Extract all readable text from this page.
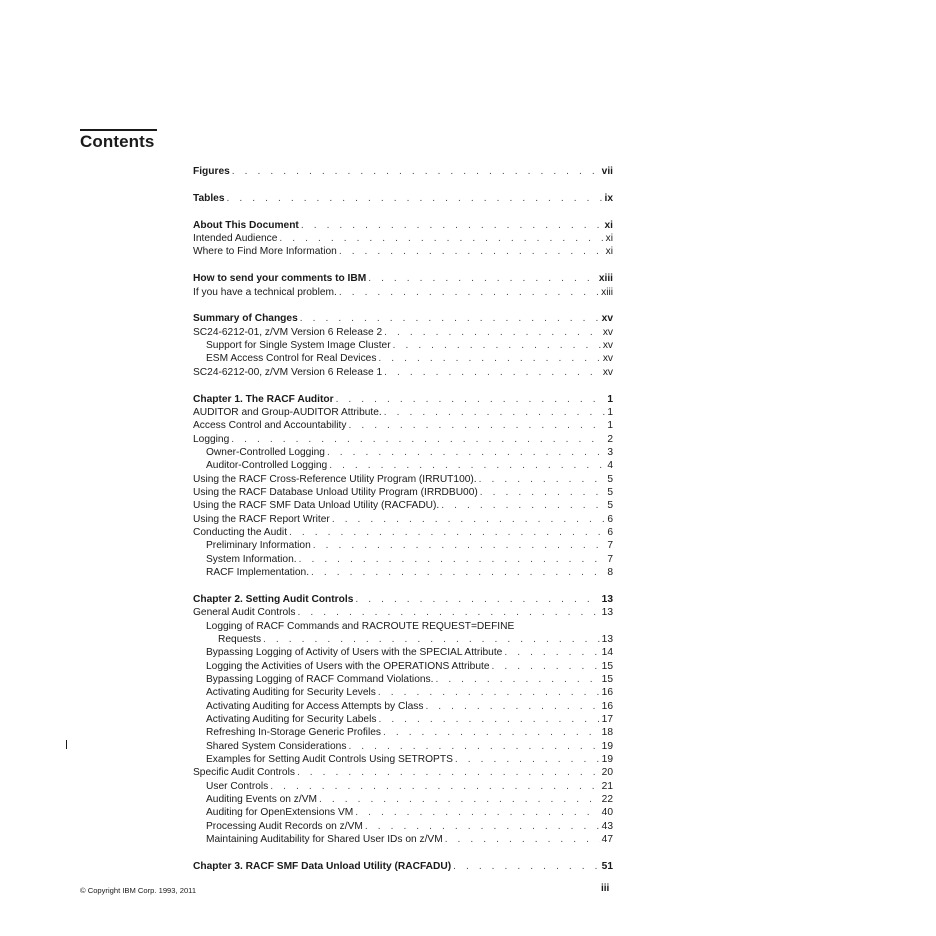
Contents
Figures . . .	vii
Tables . . .	ix
About This Document . . .	xi
Intended Audience . . .	xi
Where to Find More Information . . .	xi
How to send your comments to IBM . . .	xiii
If you have a technical problem. . . .	xiii
Summary of Changes . . .	xv
SC24-6212-01, z/VM Version 6 Release 2 . . .	xv
Support for Single System Image Cluster . . .	xv
ESM Access Control for Real Devices . . .	xv
SC24-6212-00, z/VM Version 6 Release 1 . . .	xv
Chapter 1. The RACF Auditor . . .	1
AUDITOR and Group-AUDITOR Attribute. . . .	1
Access Control and Accountability . . .	1
Logging . . .	2
Owner-Controlled Logging . . .	3
Auditor-Controlled Logging . . .	4
Using the RACF Cross-Reference Utility Program (IRRUT100). . . .	5
Using the RACF Database Unload Utility Program (IRRDBU00) . . .	5
Using the RACF SMF Data Unload Utility (RACFADU). . . .	5
Using the RACF Report Writer . . .	6
Conducting the Audit . . .	6
Preliminary Information . . .	7
System Information. . . .	7
RACF Implementation. . . .	8
Chapter 2. Setting Audit Controls . . .	13
General Audit Controls . . .	13
Logging of RACF Commands and RACROUTE REQUEST=DEFINE
Requests . . .	13
Bypassing Logging of Activity of Users with the SPECIAL Attribute . . .	14
Logging the Activities of Users with the OPERATIONS Attribute . . .	15
Bypassing Logging of RACF Command Violations. . . .	15
Activating Auditing for Security Levels . . .	16
Activating Auditing for Access Attempts by Class . . .	16
Activating Auditing for Security Labels . . .	17
Refreshing In-Storage Generic Profiles . . .	18
Shared System Considerations . . .	19
Examples for Setting Audit Controls Using SETROPTS . . .	19
Specific Audit Controls . . .	20
User Controls . . .	21
Auditing Events on z/VM . . .	22
Auditing for OpenExtensions VM . . .	40
Processing Audit Records on z/VM . . .	43
Maintaining Auditability for Shared User IDs on z/VM . . .	47
Chapter 3. RACF SMF Data Unload Utility (RACFADU) . . .	51
© Copyright IBM Corp. 1993, 2011	iii
